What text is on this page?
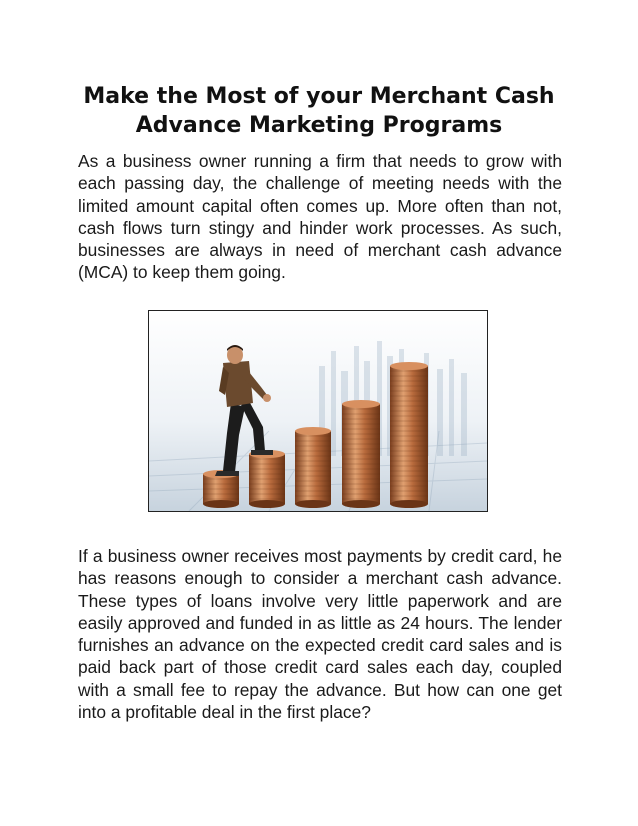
Make the Most of your Merchant Cash Advance Marketing Programs

As a business owner running a firm that needs to grow with each passing day, the challenge of meeting needs with the limited amount capital often comes up. More often than not, cash flows turn stingy and hinder work processes. As such, businesses are always in need of merchant cash advance (MCA) to keep them going.

If a business owner receives most payments by credit card, he has reasons enough to consider a merchant cash advance. These types of loans involve very little paperwork and are easily approved and funded in as little as 24 hours. The lender furnishes an advance on the expected credit card sales and is paid back part of those credit card sales each day, coupled with a small fee to repay the advance. But how can one get into a profitable deal in the first place?
